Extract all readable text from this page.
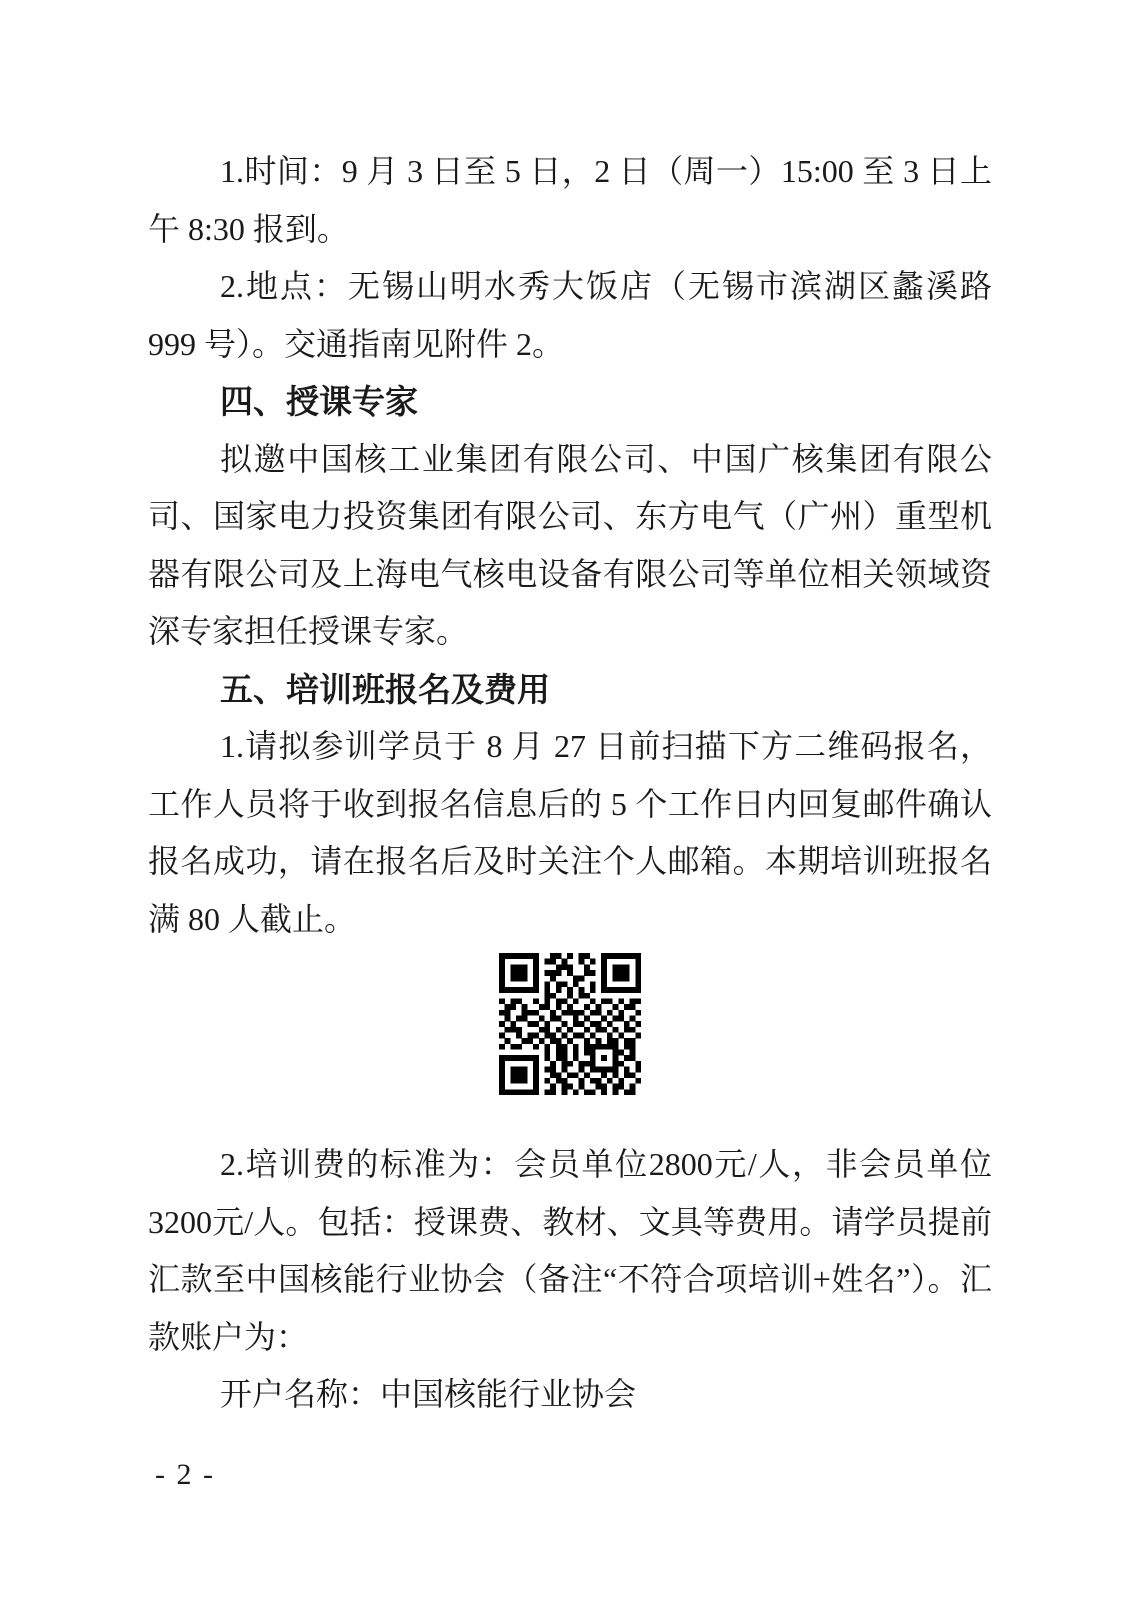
1.时间：9 月 3 日至 5 日，2 日（周一）15:00 至 3 日上午 8:30 报到。

2.地点：无锡山明水秀大饭店（无锡市滨湖区蠡溪路 999 号）。交通指南见附件 2。

四、授课专家

拟邀中国核工业集团有限公司、中国广核集团有限公司、国家电力投资集团有限公司、东方电气（广州）重型机器有限公司及上海电气核电设备有限公司等单位相关领域资深专家担任授课专家。

五、培训班报名及费用

1.请拟参训学员于 8 月 27 日前扫描下方二维码报名，工作人员将于收到报名信息后的 5 个工作日内回复邮件确认报名成功，请在报名后及时关注个人邮箱。本期培训班报名满 80 人截止。

2.培训费的标准为：会员单位2800元/人，非会员单位3200元/人。包括：授课费、教材、文具等费用。请学员提前汇款至中国核能行业协会（备注“不符合项培训+姓名”）。汇款账户为：

开户名称：中国核能行业协会

- 2 -
